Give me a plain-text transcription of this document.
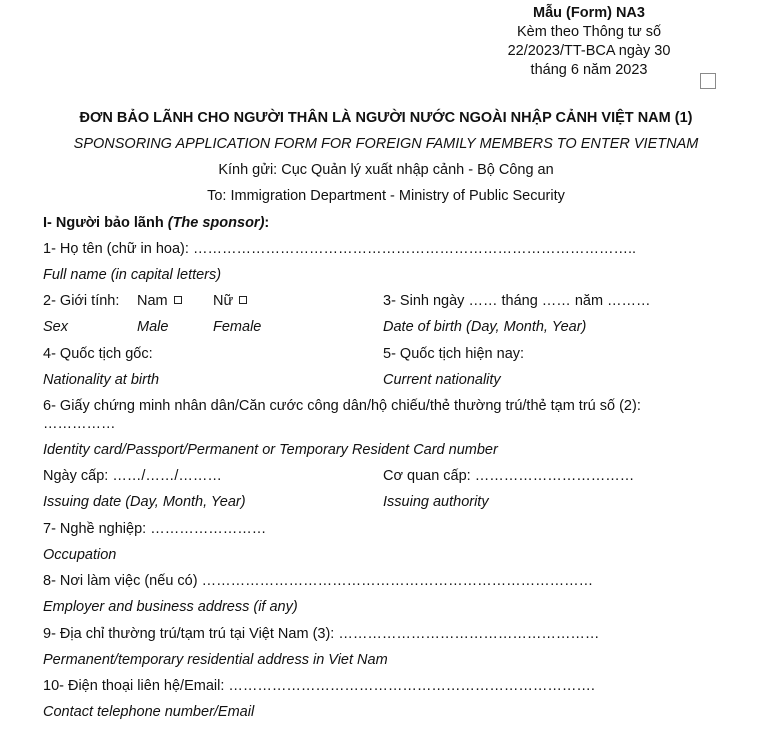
Mẫu (Form) NA3
Kèm theo Thông tư số
22/2023/TT-BCA ngày 30
tháng 6 năm 2023
ĐƠN BẢO LÃNH CHO NGƯỜI THÂN LÀ NGƯỜI NƯỚC NGOÀI NHẬP CẢNH VIỆT NAM (1)
SPONSORING APPLICATION FORM FOR FOREIGN FAMILY MEMBERS TO ENTER VIETNAM
Kính gửi: Cục Quản lý xuất nhập cảnh - Bộ Công an
To: Immigration Department - Ministry of Public Security
I- Người bảo lãnh (The sponsor):
1- Họ tên (chữ in hoa): ………………………………………………………………………………..
Full name (in capital letters)
2- Giới tính: Nam	Nữ	3- Sinh ngày …… tháng …… năm ………
Sex	Male	Female	Date of birth (Day, Month, Year)
4- Quốc tịch gốc:	5- Quốc tịch hiện nay:
Nationality at birth	Current nationality
6- Giấy chứng minh nhân dân/Căn cước công dân/hộ chiếu/thẻ thường trú/thẻ tạm trú số (2):
……………
Identity card/Passport/Permanent or Temporary Resident Card number
Ngày cấp: ……/……/………	Cơ quan cấp: ……………………………
Issuing date (Day, Month, Year)	Issuing authority
7- Nghề nghiệp: ……………………
Occupation
8- Nơi làm việc (nếu có) ………………………………………………………………………
Employer and business address (if any)
9- Địa chỉ thường trú/tạm trú tại Việt Nam (3): ………………………………………………
Permanent/temporary residential address in Viet Nam
10- Điện thoại liên hệ/Email: ………………………………………………………………….
Contact telephone number/Email
